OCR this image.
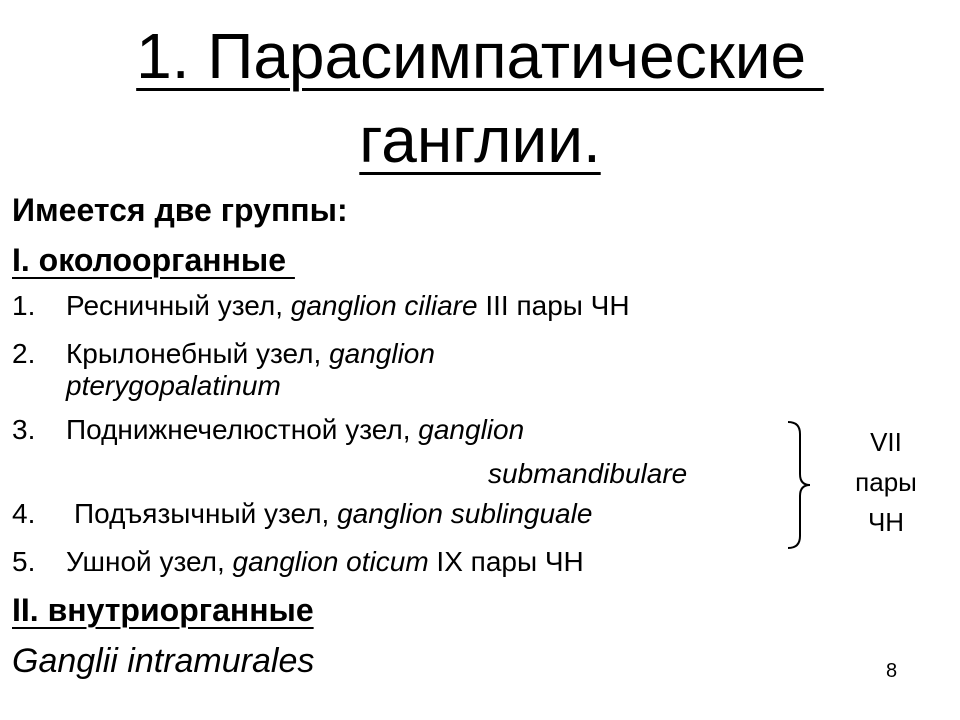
1. Парасимпатические
ганглии.
Имеется две группы:
I. околоорганные
1. Ресничный узел, ganglion ciliare III пары ЧН
2. Крылонебный узел, ganglion
pterygopalatinum
3. Поднижнечелюстной узел, ganglion
submandibulare
4. Подъязычный узел, ganglion sublinguale
5. Ушной узел, ganglion oticum IX пары ЧН
VII
пары
ЧН
II. внутриорганные
Ganglii intramurales	8
